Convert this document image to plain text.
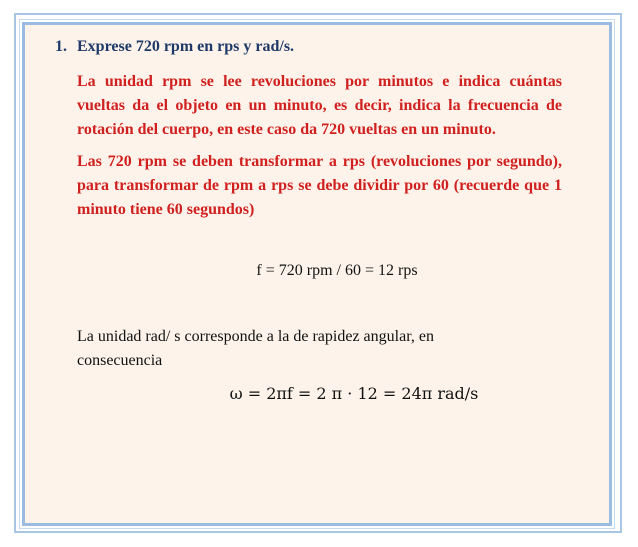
1. Exprese 720 rpm en rps y rad/s.
La unidad rpm se lee revoluciones por minutos e indica cuántas vueltas da el objeto en un minuto, es decir, indica la frecuencia de rotación del cuerpo, en este caso da 720 vueltas en un minuto.
Las 720 rpm se deben transformar a rps (revoluciones por segundo), para transformar de rpm a rps se debe dividir por 60 (recuerde que 1 minuto tiene 60 segundos)
f = 720 rpm / 60 = 12 rps
La unidad rad/ s corresponde a la de rapidez angular, en consecuencia
ω = 2πf = 2 π · 12 = 24π rad/s
